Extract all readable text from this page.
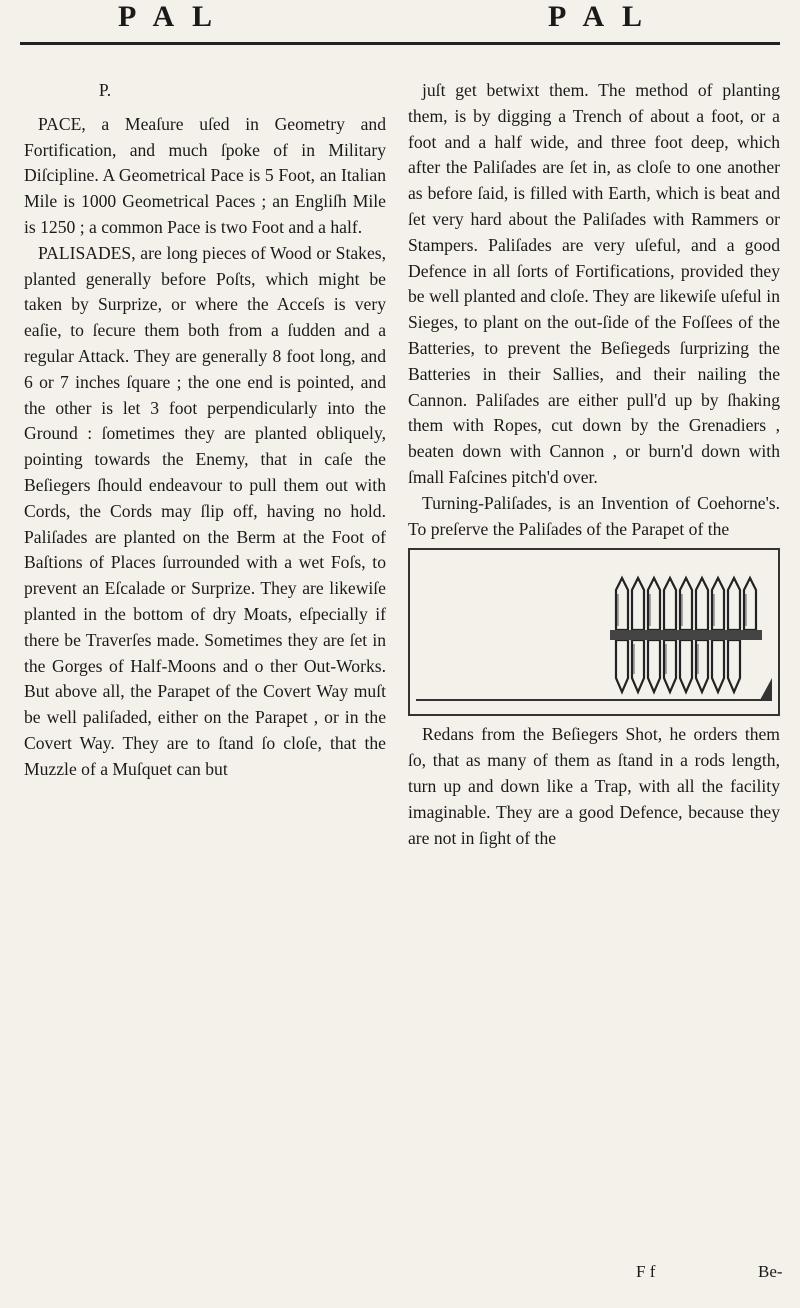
P A L	P A L

P.

PACE, a Meaſure uſed in Geometry and Fortification, and much ſpoke of in Military Diſcipline. A Geometrical Pace is 5 Foot, an Italian Mile is 1000 Geometrical Paces ; an Engliſh Mile is 1250 ; a common Pace is two Foot and a half.

PALISADES, are long pieces of Wood or Stakes, planted generally before Poſts, which might be taken by Surprize, or where the Acceſs is very eaſie, to ſecure them both from a ſudden and a regular Attack. They are generally 8 foot long, and 6 or 7 inches ſquare ; the one end is pointed, and the other is let 3 foot perpendicularly into the Ground : ſometimes they are planted obliquely, pointing towards the Enemy, that in caſe the Beſiegers ſhould endeavour to pull them out with Cords, the Cords may ſlip off, having no hold. Paliſades are planted on the Berm at the Foot of Baſtions of Places ſurrounded with a wet Foſs, to prevent an Eſcalade or Surprize. They are likewiſe planted in the bottom of dry Moats, eſpecially if there be Traverſes made. Sometimes they are ſet in the Gorges of Half-Moons and o ther Out-Works. But above all, the Parapet of the Covert Way muſt be well paliſaded, either on the Parapet , or in the Covert Way. They are to ſtand ſo cloſe, that the Muzzle of a Muſquet can but

juſt get betwixt them. The method of planting them, is by digging a Trench of about a foot, or a foot and a half wide, and three foot deep, which after the Paliſades are ſet in, as cloſe to one another as before ſaid, is filled with Earth, which is beat and ſet very hard about the Paliſades with Rammers or Stampers. Paliſades are very uſeful, and a good Defence in all ſorts of Fortifications, provided they be well planted and cloſe. They are likewiſe uſeful in Sieges, to plant on the out-ſide of the Foſſees of the Batteries, to prevent the Beſiegeds ſurprizing the Batteries in their Sallies, and their nailing the Cannon. Paliſades are either pull'd up by ſhaking them with Ropes, cut down by the Grenadiers , beaten down with Cannon , or burn'd down with ſmall Faſcines pitch'd over.

Turning-Paliſades, is an Invention of Coehorne's. To preſerve the Paliſades of the Parapet of the

Redans from the Beſiegers Shot, he orders them ſo, that as many of them as ſtand in a rods length, turn up and down like a Trap, with all the facility imaginable. They are a good Defence, because they are not in ſight of the

F f	Be-
